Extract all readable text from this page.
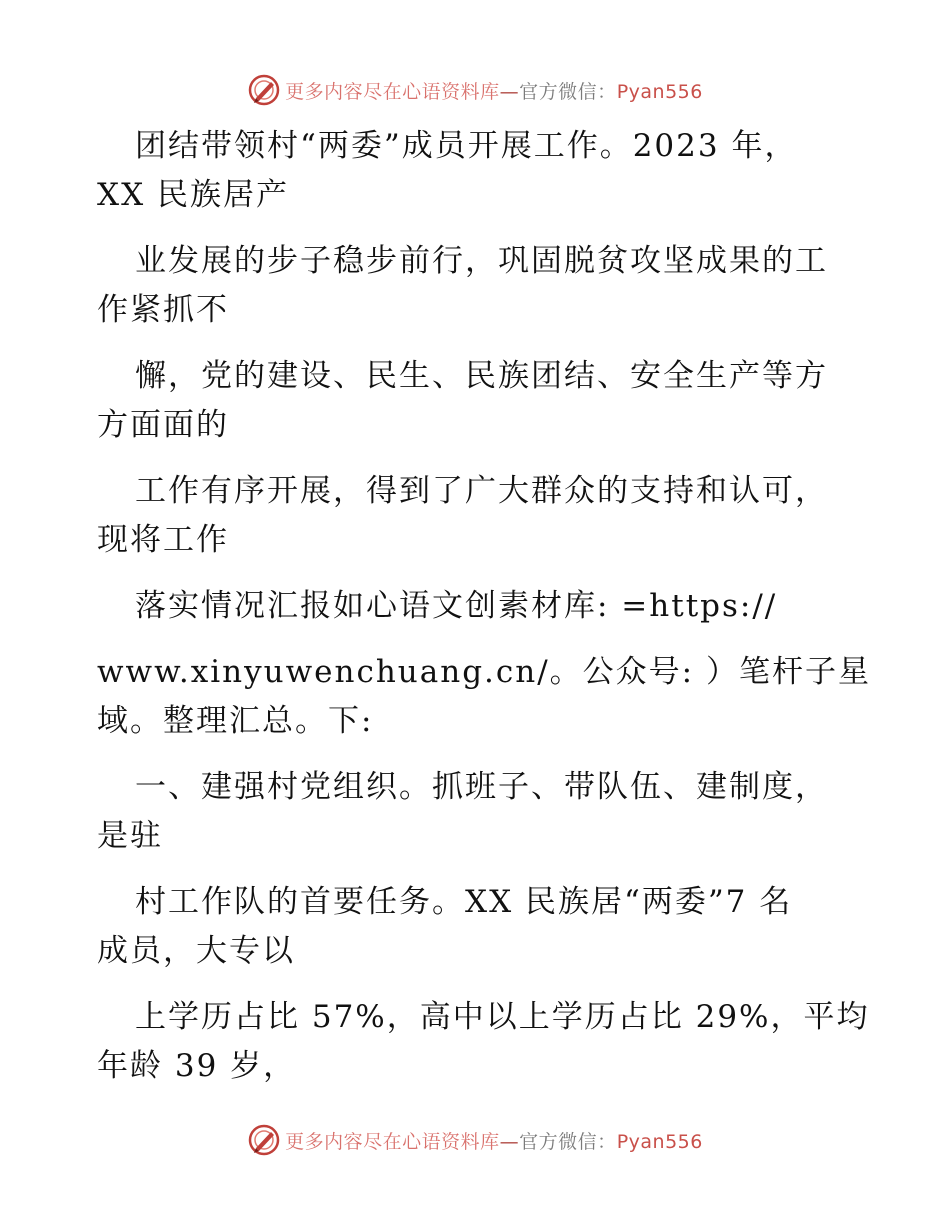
更多内容尽在心语资料库—官方微信：Pyan556
团结带领村“两委”成员开展工作。2023 年，
XX 民族居产
业发展的步子稳步前行，巩固脱贫攻坚成果的工
作紧抓不
懈，党的建设、民生、民族团结、安全生产等方
方面面的
工作有序开展，得到了广大群众的支持和认可，
现将工作
落实情况汇报如心语文创素材库: =https://
www.xinyuwenchuang.cn/。公众号: ）笔杆子星
域。整理汇总。下:
一、建强村党组织。抓班子、带队伍、建制度，
是驻
村工作队的首要任务。XX 民族居“两委”7 名
成员，大专以
上学历占比 57%，高中以上学历占比 29%，平均
年龄 39 岁，
更多内容尽在心语资料库—官方微信：Pyan556
